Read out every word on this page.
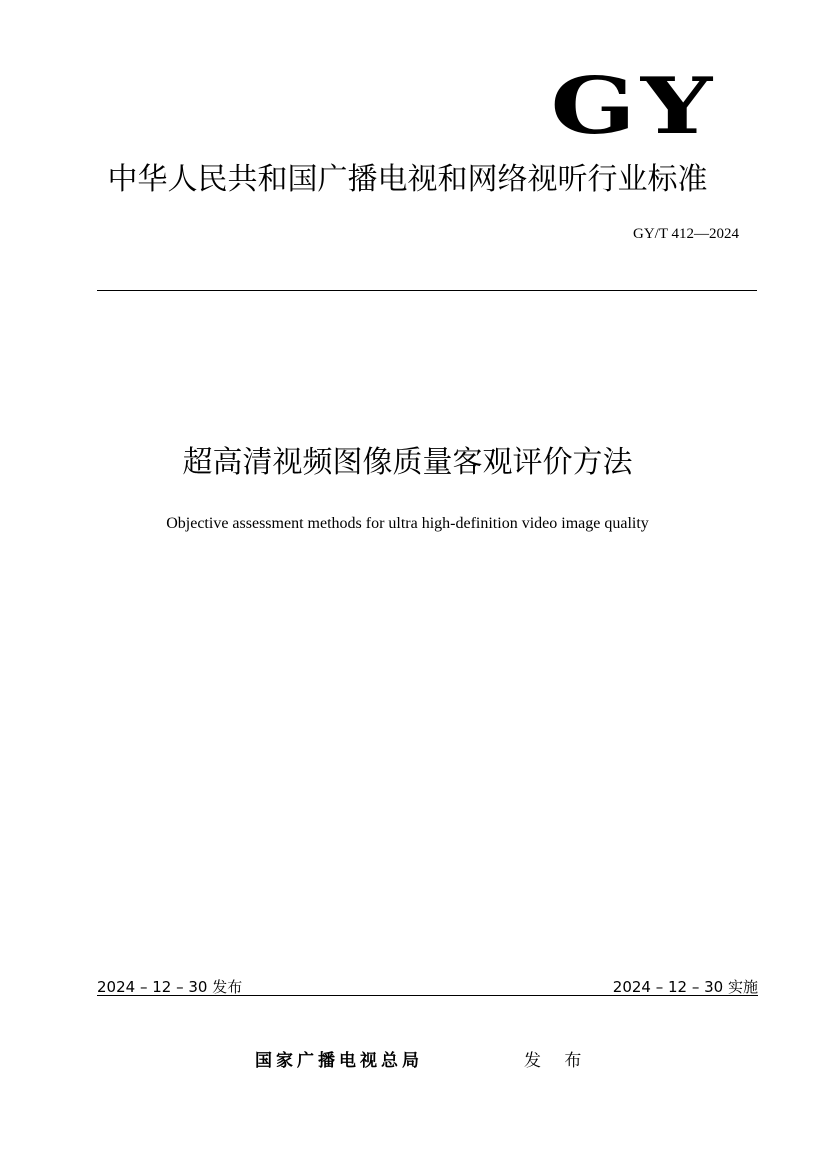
GY
中华人民共和国广播电视和网络视听行业标准
GY/T 412—2024
超高清视频图像质量客观评价方法
Objective assessment methods for ultra high-definition video image quality
2024 – 12 – 30 发布	2024 – 12 – 30 实施
国家广播电视总局	发 布
